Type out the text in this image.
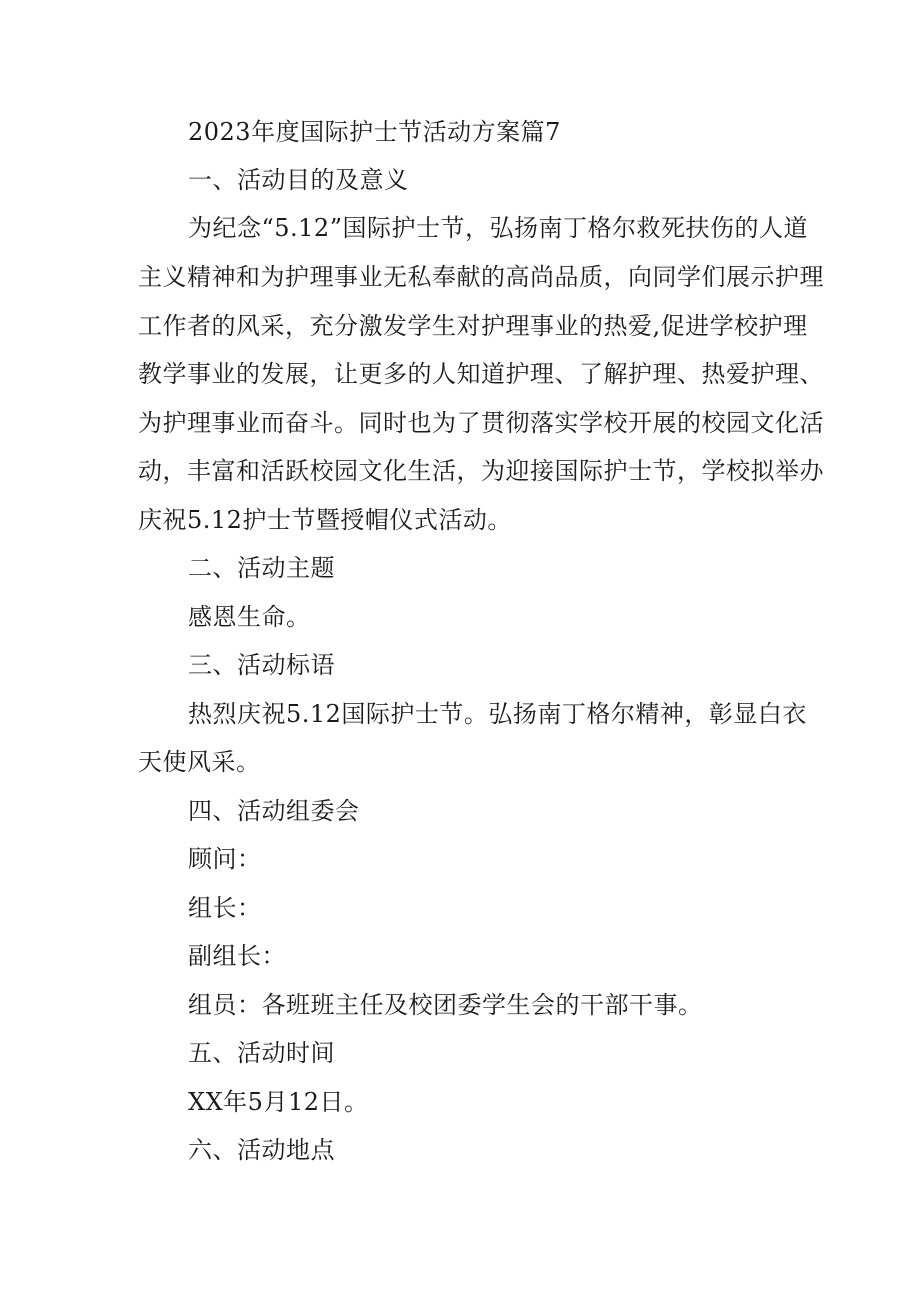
2023年度国际护士节活动方案篇7
一、活动目的及意义
为纪念“5.12”国际护士节，弘扬南丁格尔救死扶伤的人道
主义精神和为护理事业无私奉献的高尚品质，向同学们展示护理
工作者的风采，充分激发学生对护理事业的热爱,促进学校护理
教学事业的发展，让更多的人知道护理、了解护理、热爱护理、
为护理事业而奋斗。同时也为了贯彻落实学校开展的校园文化活
动，丰富和活跃校园文化生活，为迎接国际护士节，学校拟举办
庆祝5.12护士节暨授帽仪式活动。
二、活动主题
感恩生命。
三、活动标语
热烈庆祝5.12国际护士节。弘扬南丁格尔精神，彰显白衣
天使风采。
四、活动组委会
顾问：
组长：
副组长：
组员：各班班主任及校团委学生会的干部干事。
五、活动时间
XX年5月12日。
六、活动地点
